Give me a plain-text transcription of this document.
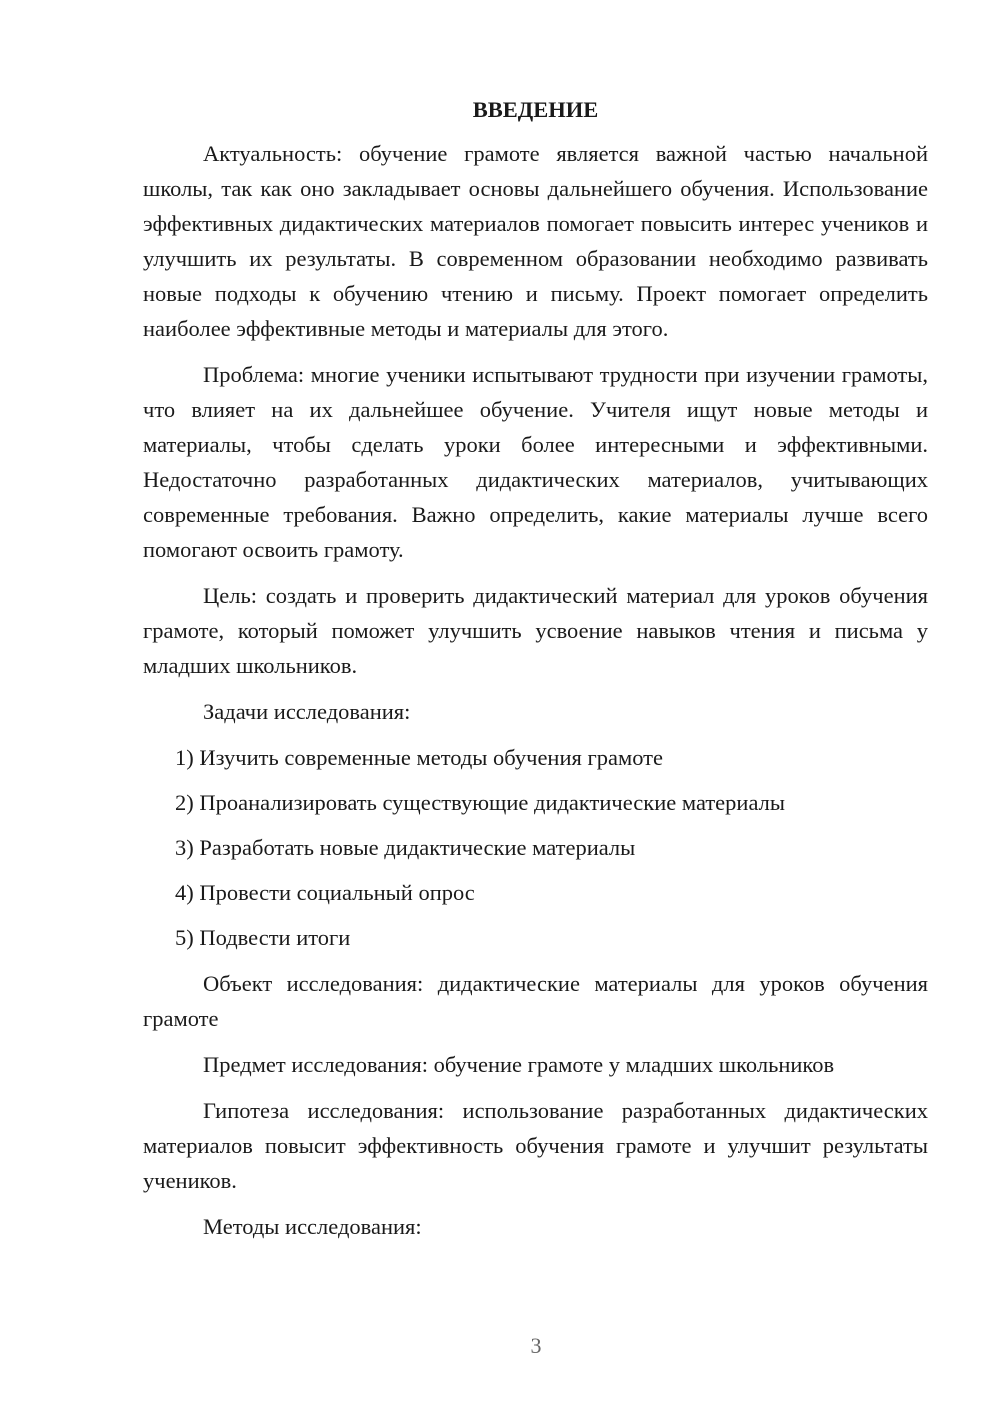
ВВЕДЕНИЕ

Актуальность: обучение грамоте является важной частью начальной школы, так как оно закладывает основы дальнейшего обучения. Использование эффективных дидактических материалов помогает повысить интерес учеников и улучшить их результаты. В современном образовании необходимо развивать новые подходы к обучению чтению и письму. Проект помогает определить наиболее эффективные методы и материалы для этого.

Проблема: многие ученики испытывают трудности при изучении грамоты, что влияет на их дальнейшее обучение. Учителя ищут новые методы и материалы, чтобы сделать уроки более интересными и эффективными. Недостаточно разработанных дидактических материалов, учитывающих современные требования. Важно определить, какие материалы лучше всего помогают освоить грамоту.

Цель: создать и проверить дидактический материал для уроков обучения грамоте, который поможет улучшить усвоение навыков чтения и письма у младших школьников.

Задачи исследования:

1) Изучить современные методы обучения грамоте
2) Проанализировать существующие дидактические материалы
3) Разработать новые дидактические материалы
4) Провести социальный опрос
5) Подвести итоги

Объект исследования: дидактические материалы для уроков обучения грамоте

Предмет исследования: обучение грамоте у младших школьников

Гипотеза исследования: использование разработанных дидактических материалов повысит эффективность обучения грамоте и улучшит результаты учеников.

Методы исследования:

3
